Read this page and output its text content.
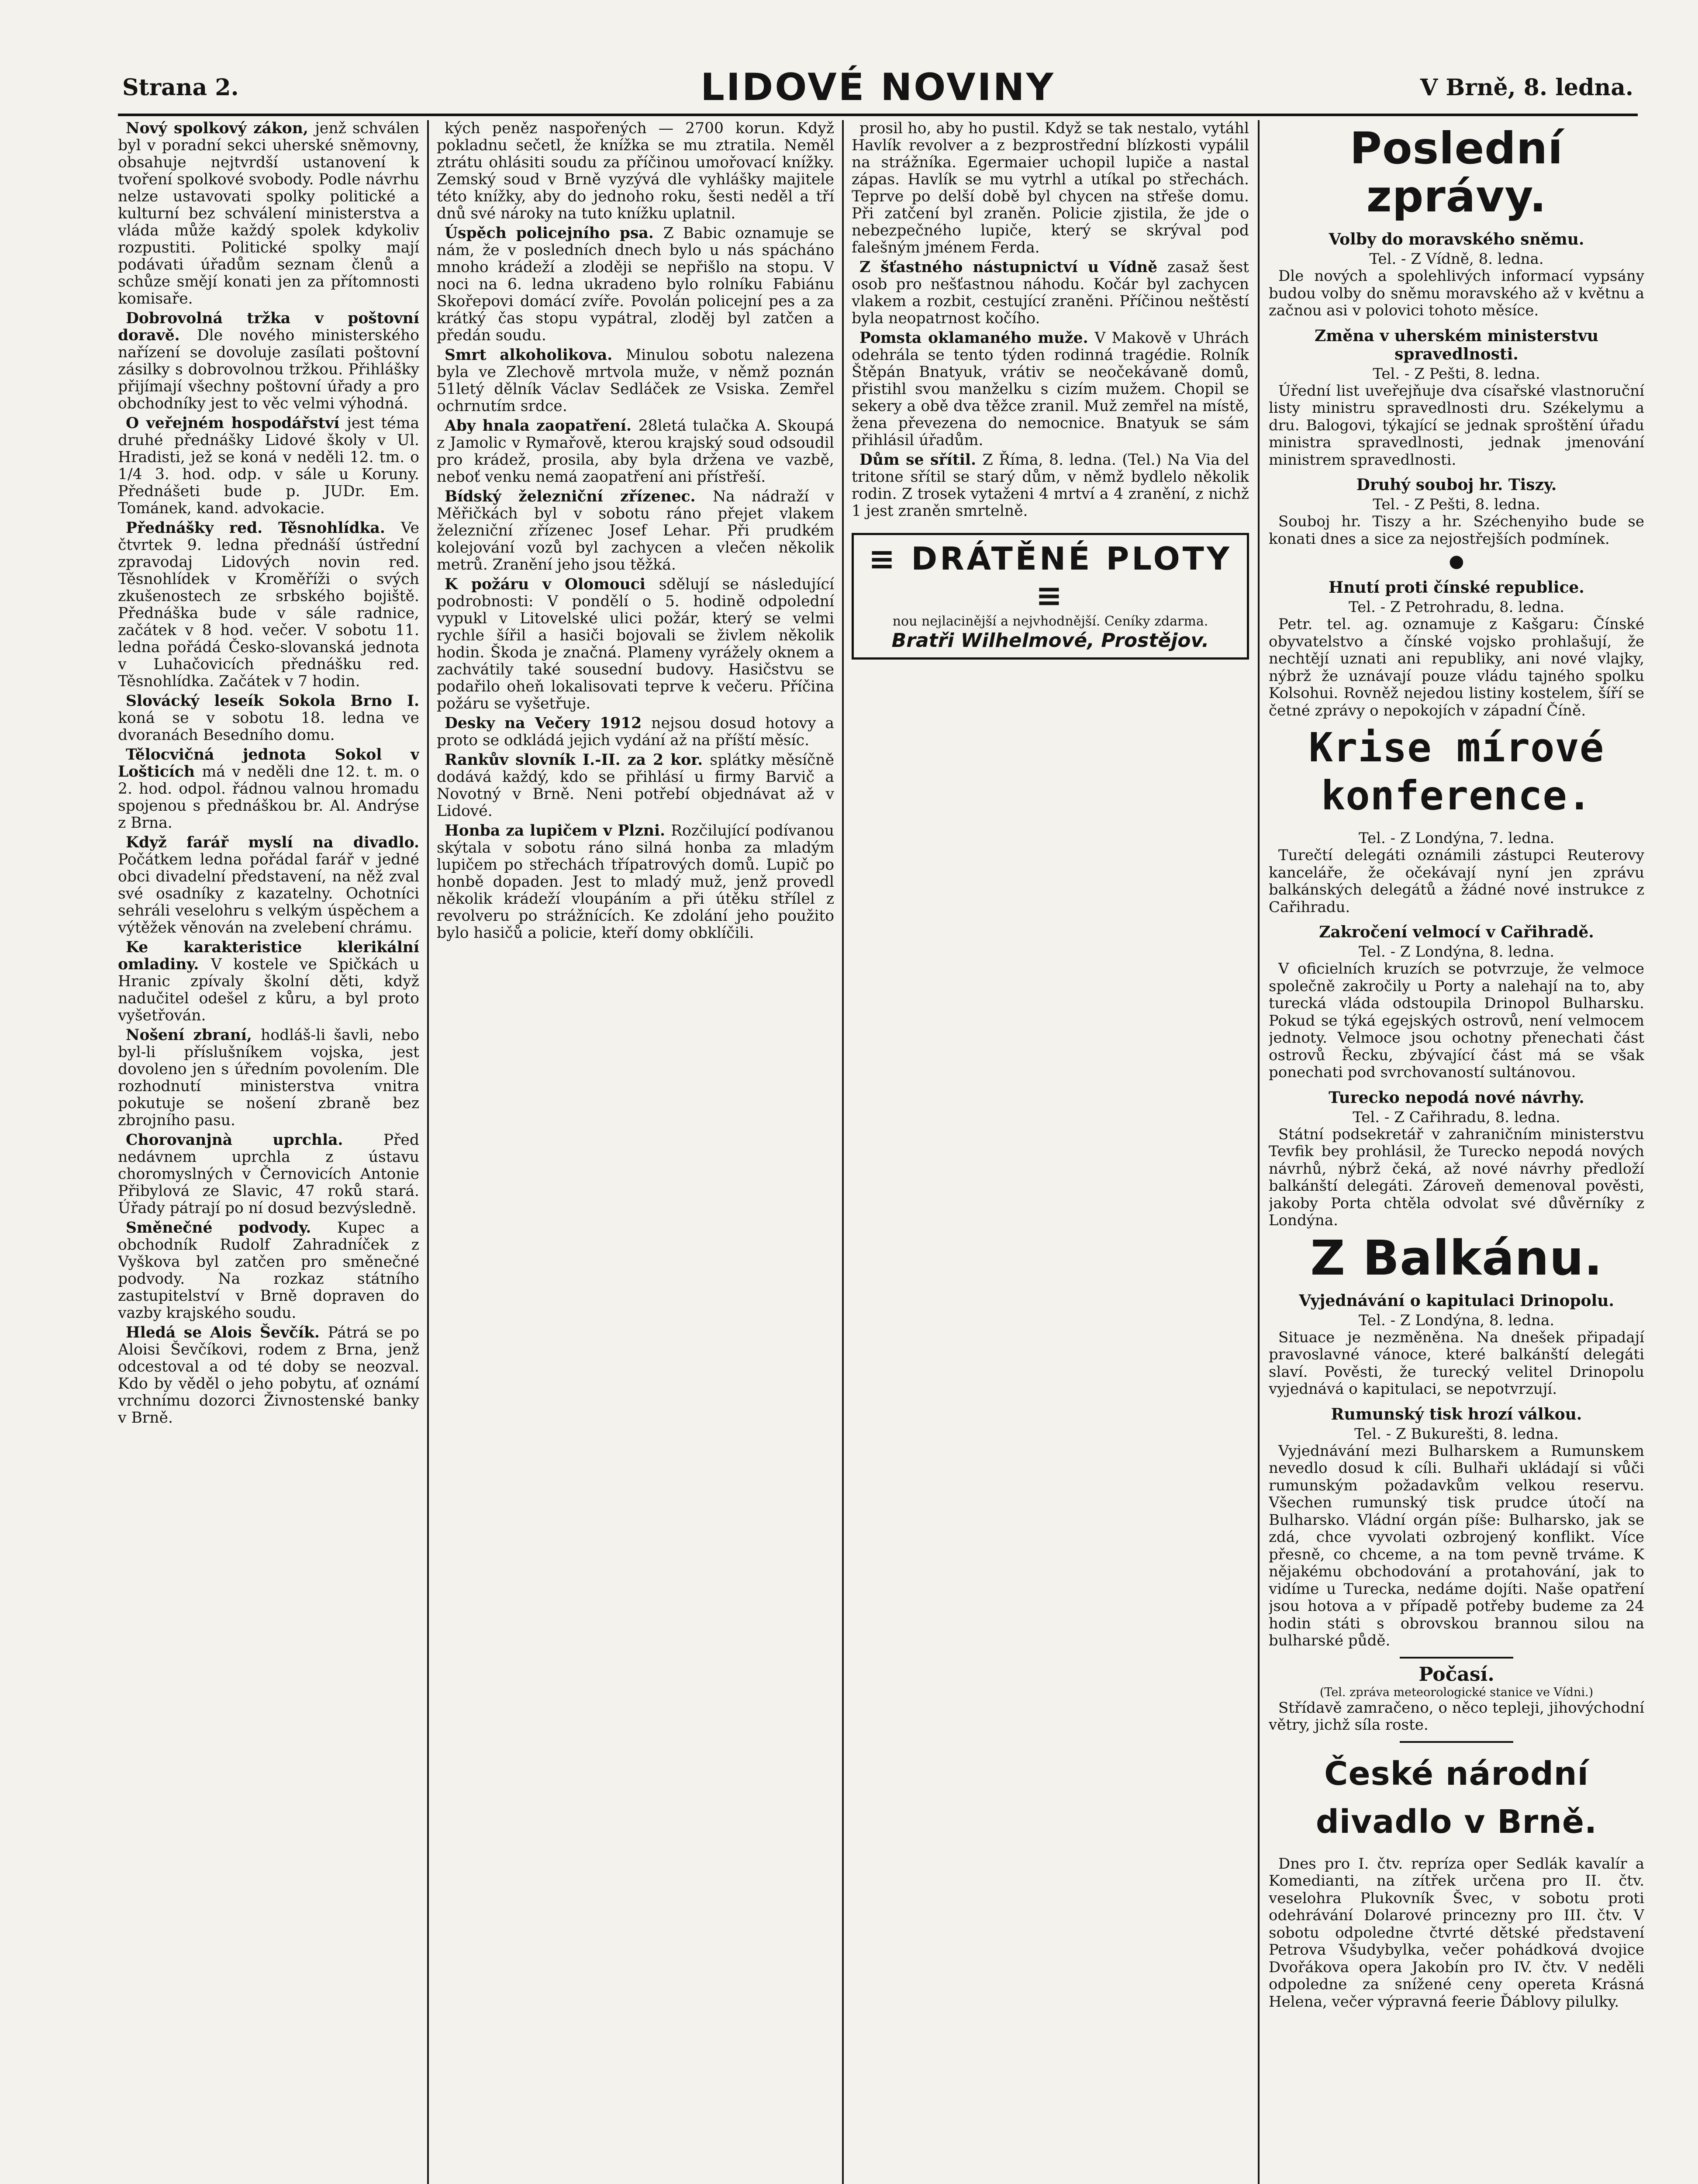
Strana 2.	LIDOVÉ NOVINY	V Brně, 8. ledna.

Nový spolkový zákon, jenž schválen byl v poradní sekci uherské sněmovny, obsahuje nejtvrdší ustanovení k tvoření spolkové svobody. Podle návrhu nelze ustavovati spolky politické a kulturní bez schválení ministerstva a vláda může každý spolek kdykoliv rozpustiti. Politické spolky mají podávati úřadům seznam členů a schůze smějí konati jen za přítomnosti komisaře.

Dobrovolná tržka v poštovní doravě. Dle nového ministerského nařízení se dovoluje zasílati poštovní zásilky s dobrovolnou tržkou. Přihlášky přijímají všechny poštovní úřady a pro obchodníky jest to věc velmi výhodná.

O veřejném hospodářství jest téma druhé přednášky Lidové školy v Ul. Hradisti, jež se koná v neděli 12. tm. o 1/4 3. hod. odp. v sále u Koruny. Přednášeti bude p. JUDr. Em. Tománek, kand. advokacie.

Přednášky red. Těsnohlídka. Ve čtvrtek 9. ledna přednáší ústřední zpravodaj Lidových novin red. Těsnohlídek v Kroměříži o svých zkušenostech ze srbského bojiště. Přednáška bude v sále radnice, začátek v 8 hod. večer. V sobotu 11. ledna pořádá Česko-slovanská jednota v Luhačovicích přednášku red. Těsnohlídka. Začátek v 7 hodin.

Slovácký leseík Sokola Brno I. koná se v sobotu 18. ledna ve dvoranách Besedního domu.

Tělocvičná jednota Sokol v Lošticích má v neděli dne 12. t. m. o 2. hod. odpol. řádnou valnou hromadu spojenou s přednáškou br. Al. Andrýse z Brna.

Když farář myslí na divadlo. Počátkem ledna pořádal farář v jedné obci divadelní představení, na něž zval své osadníky z kazatelny. Ochotníci sehráli veselohru s velkým úspěchem a výtěžek věnován na zvelebení chrámu.

Ke karakteristice klerikální omladiny. V kostele ve Spičkách u Hranic zpívaly školní děti, když nadučitel odešel z kůru, a byl proto vyšetřován.

Nošení zbraní, hodláš-li šavli, nebo byl-li příslušníkem vojska, jest dovoleno jen s úředním povolením. Dle rozhodnutí ministerstva vnitra pokutuje se nošení zbraně bez zbrojního pasu.

Chorovanjnà uprchla. Před nedávnem uprchla z ústavu choromyslných v Černovicích Antonie Přibylová ze Slavic, 47 roků stará. Úřady pátrají po ní dosud bezvýsledně.

Směnečné podvody. Kupec a obchodník Rudolf Zahradníček z Vyškova byl zatčen pro směnečné podvody. Na rozkaz státního zastupitelství v Brně dopraven do vazby krajského soudu.

Hledá se Alois Ševčík. Pátrá se po Aloisi Ševčíkovi, rodem z Brna, jenž odcestoval a od té doby se neozval. Kdo by věděl o jeho pobytu, ať oznámí vrchnímu dozorci Živnostenské banky v Brně.

kých peněz naspořených — 2700 korun. Když pokladnu sečetl, že knížka se mu ztratila. Neměl ztrátu ohlásiti soudu za příčinou umořovací knížky. Zemský soud v Brně vyzývá dle vyhlášky majitele této knížky, aby do jednoho roku, šesti neděl a tří dnů své nároky na tuto knížku uplatnil.

Úspěch policejního psa. Z Babic oznamuje se nám, že v posledních dnech bylo u nás spácháno mnoho krádeží a zloději se nepřišlo na stopu. V noci na 6. ledna ukradeno bylo rolníku Fabiánu Skořepovi domácí zvíře. Povolán policejní pes a za krátký čas stopu vypátral, zloděj byl zatčen a předán soudu.

Smrt alkoholikova. Minulou sobotu nalezena byla ve Zlechově mrtvola muže, v němž poznán 51letý dělník Václav Sedláček ze Vsiska. Zemřel ochrnutím srdce.

Aby hnala zaopatření. 28letá tulačka A. Skoupá z Jamolic v Rymařově, kterou krajský soud odsoudil pro krádež, prosila, aby byla držena ve vazbě, neboť venku nemá zaopatření ani přístřeší.

Bídský železniční zřízenec. Na nádraží v Měřičkách byl v sobotu ráno přejet vlakem železniční zřízenec Josef Lehar. Při prudkém kolejování vozů byl zachycen a vlečen několik metrů. Zranění jeho jsou těžká.

K požáru v Olomouci sdělují se následující podrobnosti: V pondělí o 5. hodině odpolední vypukl v Litovelské ulici požár, který se velmi rychle šířil a hasiči bojovali se živlem několik hodin. Škoda je značná. Plameny vyrážely oknem a zachvátily také sousední budovy. Hasičstvu se podařilo oheň lokalisovati teprve k večeru. Příčina požáru se vyšetřuje.

Desky na Večery 1912 nejsou dosud hotovy a proto se odkládá jejich vydání až na příští měsíc.

Rankův slovník I.-II. za 2 kor. splátky měsíčně dodává každý, kdo se přihlásí u firmy Barvič a Novotný v Brně. Neni potřebí objednávat až v Lidové.

Honba za lupičem v Plzni. Rozčilující podívanou skýtala v sobotu ráno silná honba za mladým lupičem po střechách třípatrových domů. Lupič po honbě dopaden. Jest to mladý muž, jenž provedl několik krádeží vloupáním a při útěku střílel z revolveru po strážnících. Ke zdolání jeho použito bylo hasičů a policie, kteří domy obklíčili.

prosil ho, aby ho pustil. Když se tak nestalo, vytáhl Havlík revolver a z bezprostřední blízkosti vypálil na strážníka. Egermaier uchopil lupiče a nastal zápas. Havlík se mu vytrhl a utíkal po střechách. Teprve po delší době byl chycen na střeše domu. Při zatčení byl zraněn. Policie zjistila, že jde o nebezpečného lupiče, který se skrýval pod falešným jménem Ferda.

Z šťastného nástupnictví u Vídně zasaž šest osob pro nešťastnou náhodu. Kočár byl zachycen vlakem a rozbit, cestující zraněni. Příčinou neštěstí byla neopatrnost kočího.

Pomsta oklamaného muže. V Makově v Uhrách odehrála se tento týden rodinná tragédie. Rolník Štěpán Bnatyuk, vrátiv se neočekávaně domů, přistihl svou manželku s cizím mužem. Chopil se sekery a obě dva těžce zranil. Muž zemřel na místě, žena převezena do nemocnice. Bnatyuk se sám přihlásil úřadům.

Dům se sřítil. Z Říma, 8. ledna. (Tel.) Na Via del tritone sřítil se starý dům, v němž bydlelo několik rodin. Z trosek vytaženi 4 mrtví a 4 zranění, z nichž 1 jest zraněn smrtelně.

≡ DRÁTĚNÉ PLOTY ≡
nou nejlacinější a nejvhodnější. Ceníky zdarma.
Bratři Wilhelmové, Prostějov.
Poslední zprávy.
Volby do moravského sněmu.

Tel. - Z Vídně, 8. ledna.

Dle nových a spolehlivých informací vypsány budou volby do sněmu moravského až v květnu a začnou asi v polovici tohoto měsíce.

Změna v uherském ministerstvu spravedlnosti.

Tel. - Z Pešti, 8. ledna.

Úřední list uveřejňuje dva císařské vlastnoruční listy ministru spravedlnosti dru. Székelymu a dru. Balogovi, týkající se jednak sproštění úřadu ministra spravedlnosti, jednak jmenování ministrem spravedlnosti.

Druhý souboj hr. Tiszy.

Tel. - Z Pešti, 8. ledna.

Souboj hr. Tiszy a hr. Széchenyiho bude se konati dnes a sice za nejostřejších podmínek.

●
Hnutí proti čínské republice.

Tel. - Z Petrohradu, 8. ledna.

Petr. tel. ag. oznamuje z Kašgaru: Čínské obyvatelstvo a čínské vojsko prohlašují, že nechtějí uznati ani republiky, ani nové vlajky, nýbrž že uznávají pouze vládu tajného spolku Kolsohui. Rovněž nejedou listiny kostelem, šíří se četné zprávy o nepokojích v západní Číně.

Krise mírové konference.

Tel. - Z Londýna, 7. ledna.

Turečtí delegáti oznámili zástupci Reuterovy kanceláře, že očekávají nyní jen zprávu balkánských delegátů a žádné nové instrukce z Cařihradu.

Zakročení velmocí v Cařihradě.

Tel. - Z Londýna, 8. ledna.

V oficielních kruzích se potvrzuje, že velmoce společně zakročily u Porty a nalehají na to, aby turecká vláda odstoupila Drinopol Bulharsku. Pokud se týká egejských ostrovů, není velmocem jednoty. Velmoce jsou ochotny přenechati část ostrovů Řecku, zbývající část má se však ponechati pod svrchovaností sultánovou.

Turecko nepodá nové návrhy.

Tel. - Z Cařihradu, 8. ledna.

Státní podsekretář v zahraničním ministerstvu Tevfik bey prohlásil, že Turecko nepodá nových návrhů, nýbrž čeká, až nové návrhy předloží balkánští delegáti. Zároveň demenoval pověsti, jakoby Porta chtěla odvolat své důvěrníky z Londýna.

Z Balkánu.
Vyjednávání o kapitulaci Drinopolu.

Tel. - Z Londýna, 8. ledna.

Situace je nezměněna. Na dnešek připadají pravoslavné vánoce, které balkánští delegáti slaví. Pověsti, že turecký velitel Drinopolu vyjednává o kapitulaci, se nepotvrzují.

Rumunský tisk hrozí válkou.

Tel. - Z Bukurešti, 8. ledna.

Vyjednávání mezi Bulharskem a Rumunskem nevedlo dosud k cíli. Bulhaři ukládají si vůči rumunským požadavkům velkou reservu. Všechen rumunský tisk prudce útočí na Bulharsko. Vládní orgán píše: Bulharsko, jak se zdá, chce vyvolati ozbrojený konflikt. Více přesně, co chceme, a na tom pevně trváme. K nějakému obchodování a protahování, jak to vidíme u Turecka, nedáme dojíti. Naše opatření jsou hotova a v případě potřeby budeme za 24 hodin státi s obrovskou brannou silou na bulharské půdě.

Počasí.

(Tel. zpráva meteorologické stanice ve Vídni.)

Střídavě zamračeno, o něco tepleji, jihovýchodní větry, jichž síla roste.

České národní divadlo v Brně.

Dnes pro I. čtv. repríza oper Sedlák kavalír a Komedianti, na zítřek určena pro II. čtv. veselohra Plukovník Švec, v sobotu proti odehrávání Dolarové princezny pro III. čtv. V sobotu odpoledne čtvrté dětské představení Petrova Všudybylka, večer pohádková dvojice Dvořákova opera Jakobín pro IV. čtv. V neděli odpoledne za snížené ceny opereta Krásná Helena, večer výpravná feerie Ďáblovy pilulky.
